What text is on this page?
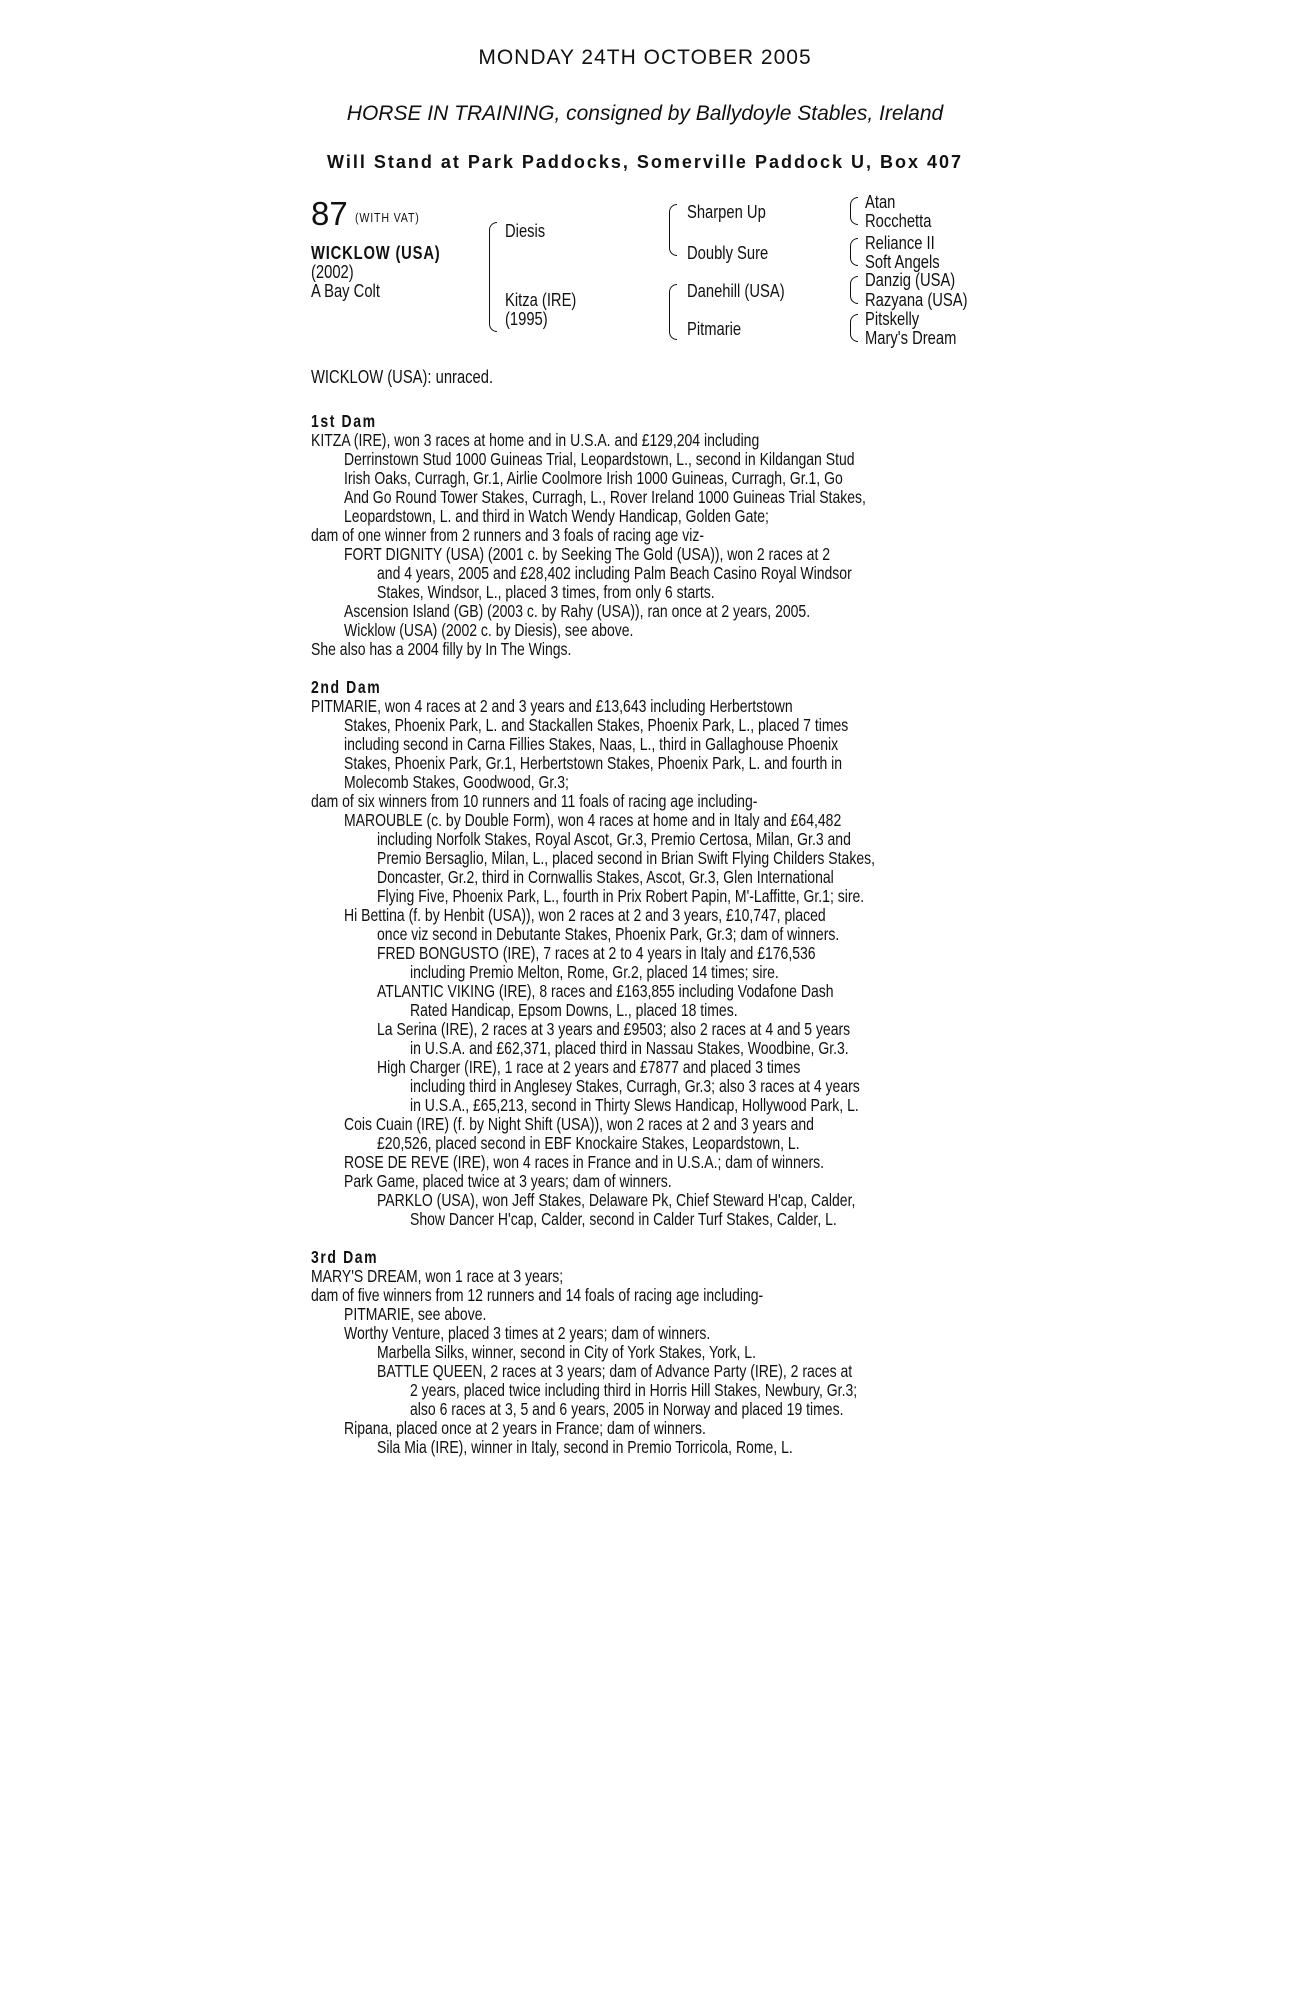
MONDAY 24TH OCTOBER 2005
HORSE IN TRAINING, consigned by Ballydoyle Stables, Ireland
Will Stand at Park Paddocks, Somerville Paddock U, Box 407
87 (WITH VAT)
WICKLOW (USA)
(2002)
A Bay Colt
Diesis
Kitza (IRE)
(1995)
Sharpen Up
Doubly Sure
Danehill (USA)
Pitmarie
Atan
Rocchetta
Reliance II
Soft Angels
Danzig (USA)
Razyana (USA)
Pitskelly
Mary's Dream
WICKLOW (USA): unraced.
1st Dam
KITZA (IRE), won 3 races at home and in U.S.A. and £129,204 including
Derrinstown Stud 1000 Guineas Trial, Leopardstown, L., second in Kildangan Stud
Irish Oaks, Curragh, Gr.1, Airlie Coolmore Irish 1000 Guineas, Curragh, Gr.1, Go
And Go Round Tower Stakes, Curragh, L., Rover Ireland 1000 Guineas Trial Stakes,
Leopardstown, L. and third in Watch Wendy Handicap, Golden Gate;
dam of one winner from 2 runners and 3 foals of racing age viz-
FORT DIGNITY (USA) (2001 c. by Seeking The Gold (USA)), won 2 races at 2
and 4 years, 2005 and £28,402 including Palm Beach Casino Royal Windsor
Stakes, Windsor, L., placed 3 times, from only 6 starts.
Ascension Island (GB) (2003 c. by Rahy (USA)), ran once at 2 years, 2005.
Wicklow (USA) (2002 c. by Diesis), see above.
She also has a 2004 filly by In The Wings.
2nd Dam
PITMARIE, won 4 races at 2 and 3 years and £13,643 including Herbertstown
Stakes, Phoenix Park, L. and Stackallen Stakes, Phoenix Park, L., placed 7 times
including second in Carna Fillies Stakes, Naas, L., third in Gallaghouse Phoenix
Stakes, Phoenix Park, Gr.1, Herbertstown Stakes, Phoenix Park, L. and fourth in
Molecomb Stakes, Goodwood, Gr.3;
dam of six winners from 10 runners and 11 foals of racing age including-
MAROUBLE (c. by Double Form), won 4 races at home and in Italy and £64,482
including Norfolk Stakes, Royal Ascot, Gr.3, Premio Certosa, Milan, Gr.3 and
Premio Bersaglio, Milan, L., placed second in Brian Swift Flying Childers Stakes,
Doncaster, Gr.2, third in Cornwallis Stakes, Ascot, Gr.3, Glen International
Flying Five, Phoenix Park, L., fourth in Prix Robert Papin, M'-Laffitte, Gr.1; sire.
Hi Bettina (f. by Henbit (USA)), won 2 races at 2 and 3 years, £10,747, placed
once viz second in Debutante Stakes, Phoenix Park, Gr.3; dam of winners.
FRED BONGUSTO (IRE), 7 races at 2 to 4 years in Italy and £176,536
including Premio Melton, Rome, Gr.2, placed 14 times; sire.
ATLANTIC VIKING (IRE), 8 races and £163,855 including Vodafone Dash
Rated Handicap, Epsom Downs, L., placed 18 times.
La Serina (IRE), 2 races at 3 years and £9503; also 2 races at 4 and 5 years
in U.S.A. and £62,371, placed third in Nassau Stakes, Woodbine, Gr.3.
High Charger (IRE), 1 race at 2 years and £7877 and placed 3 times
including third in Anglesey Stakes, Curragh, Gr.3; also 3 races at 4 years
in U.S.A., £65,213, second in Thirty Slews Handicap, Hollywood Park, L.
Cois Cuain (IRE) (f. by Night Shift (USA)), won 2 races at 2 and 3 years and
£20,526, placed second in EBF Knockaire Stakes, Leopardstown, L.
ROSE DE REVE (IRE), won 4 races in France and in U.S.A.; dam of winners.
Park Game, placed twice at 3 years; dam of winners.
PARKLO (USA), won Jeff Stakes, Delaware Pk, Chief Steward H'cap, Calder,
Show Dancer H'cap, Calder, second in Calder Turf Stakes, Calder, L.
3rd Dam
MARY'S DREAM, won 1 race at 3 years;
dam of five winners from 12 runners and 14 foals of racing age including-
PITMARIE, see above.
Worthy Venture, placed 3 times at 2 years; dam of winners.
Marbella Silks, winner, second in City of York Stakes, York, L.
BATTLE QUEEN, 2 races at 3 years; dam of Advance Party (IRE), 2 races at
2 years, placed twice including third in Horris Hill Stakes, Newbury, Gr.3;
also 6 races at 3, 5 and 6 years, 2005 in Norway and placed 19 times.
Ripana, placed once at 2 years in France; dam of winners.
Sila Mia (IRE), winner in Italy, second in Premio Torricola, Rome, L.
